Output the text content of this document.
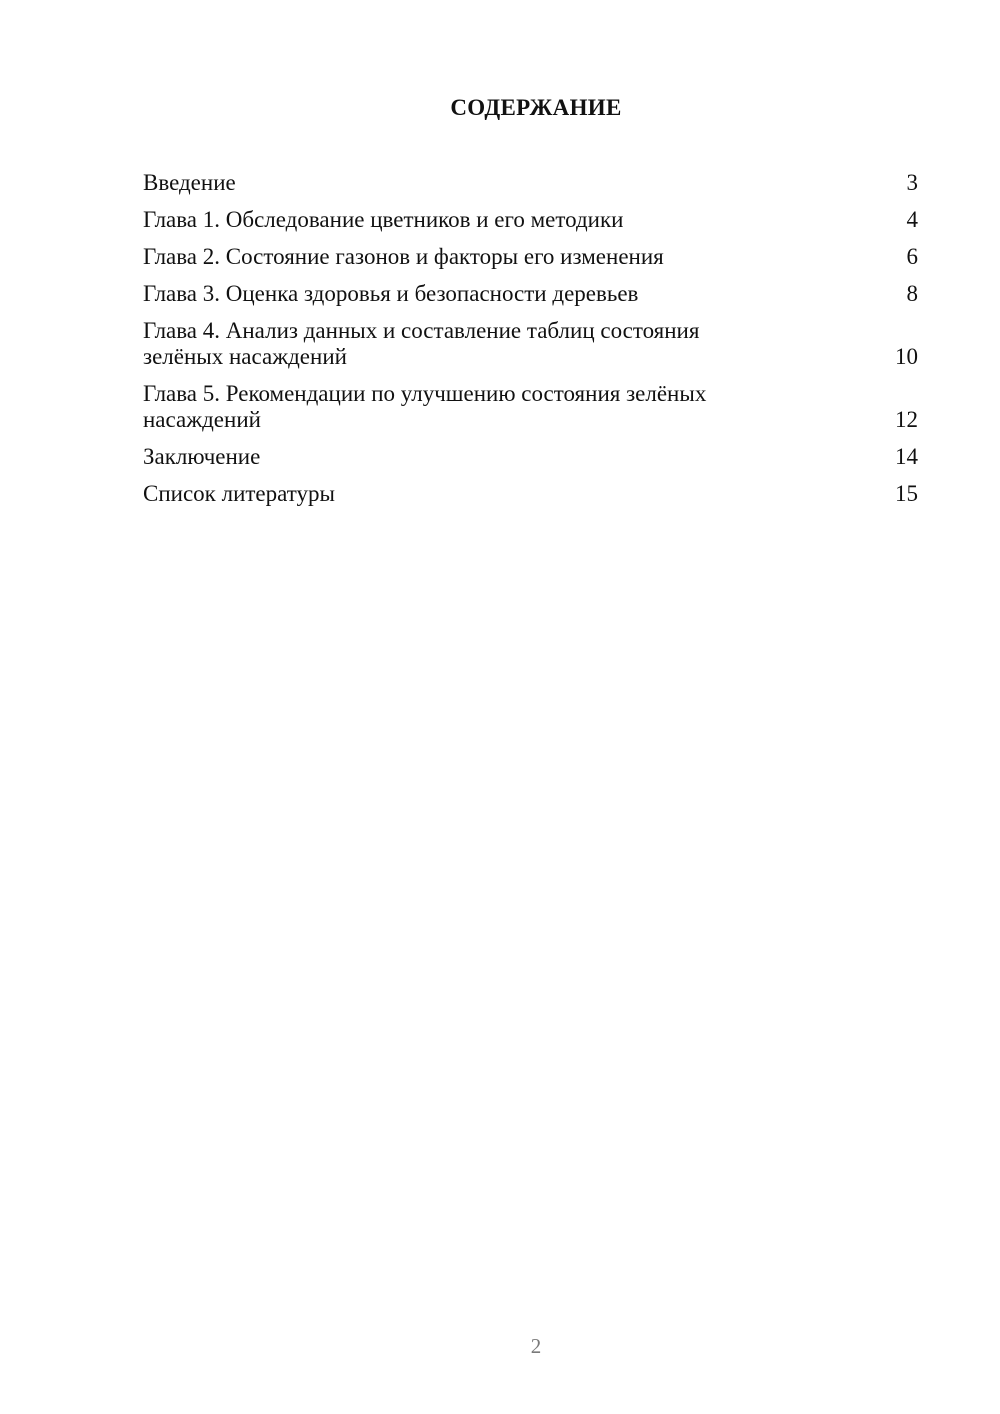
СОДЕРЖАНИЕ
Введение	3
Глава 1. Обследование цветников и его методики	4
Глава 2. Состояние газонов и факторы его изменения	6
Глава 3. Оценка здоровья и безопасности деревьев	8
Глава 4. Анализ данных и составление таблиц состояния
зелёных насаждений	10
Глава 5. Рекомендации по улучшению состояния зелёных
насаждений	12
Заключение	14
Список литературы	15
2
